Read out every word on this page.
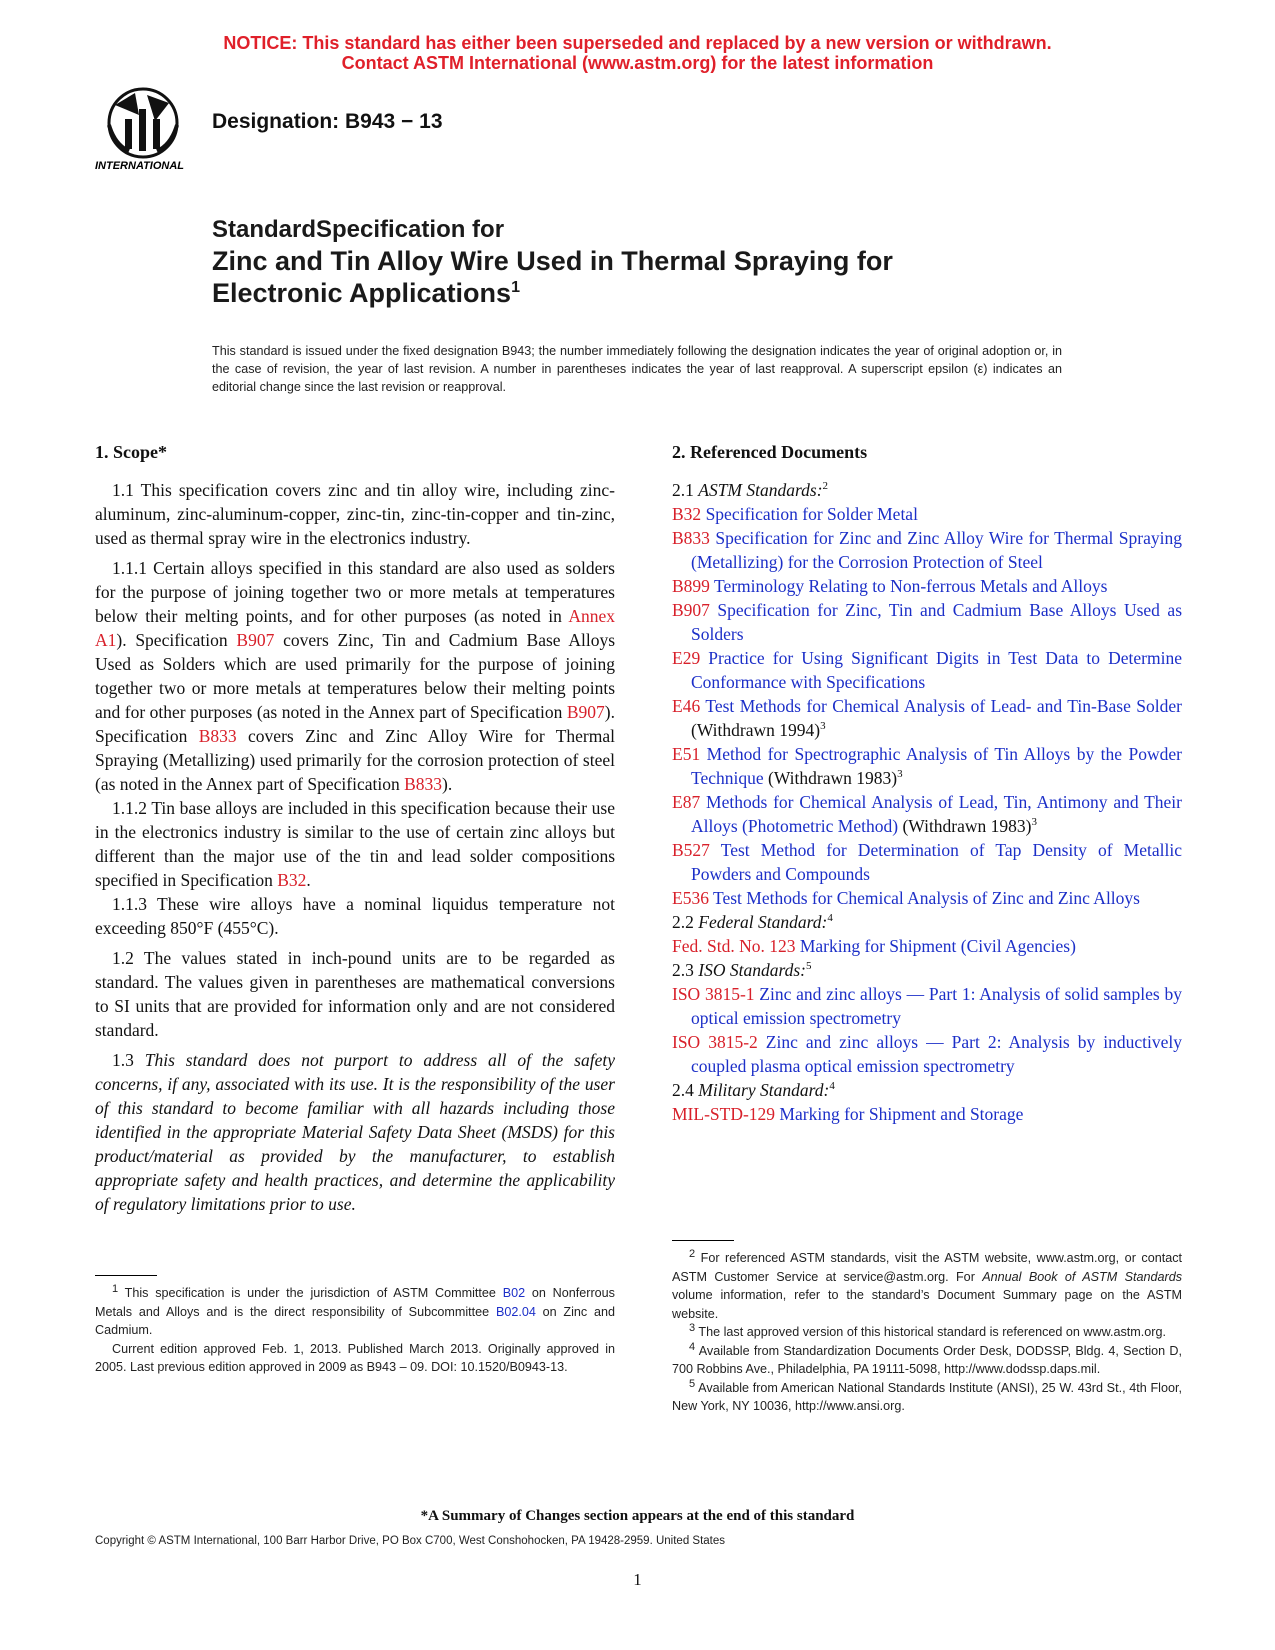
NOTICE: This standard has either been superseded and replaced by a new version or withdrawn.
Contact ASTM International (www.astm.org) for the latest information
INTERNATIONAL
Designation: B943 − 13
StandardSpecification for
Zinc and Tin Alloy Wire Used in Thermal Spraying for
Electronic Applications$^1$
This standard is issued under the fixed designation B943; the number immediately following the designation indicates the year of original adoption or, in the case of revision, the year of last revision. A number in parentheses indicates the year of last reapproval. A superscript epsilon (ε) indicates an editorial change since the last revision or reapproval.
1. Scope*

1.1 This specification covers zinc and tin alloy wire, including zinc-aluminum, zinc-aluminum-copper, zinc-tin, zinc-tin-copper and tin-zinc, used as thermal spray wire in the electronics industry.

1.1.1 Certain alloys specified in this standard are also used as solders for the purpose of joining together two or more metals at temperatures below their melting points, and for other purposes (as noted in Annex A1). Specification B907 covers Zinc, Tin and Cadmium Base Alloys Used as Solders which are used primarily for the purpose of joining together two or more metals at temperatures below their melting points and for other purposes (as noted in the Annex part of Specification B907). Specification B833 covers Zinc and Zinc Alloy Wire for Thermal Spraying (Metallizing) used primarily for the corrosion protection of steel (as noted in the Annex part of Specification B833).

1.1.2 Tin base alloys are included in this specification because their use in the electronics industry is similar to the use of certain zinc alloys but different than the major use of the tin and lead solder compositions specified in Specification B32.

1.1.3 These wire alloys have a nominal liquidus temperature not exceeding 850°F (455°C).

1.2 The values stated in inch-pound units are to be regarded as standard. The values given in parentheses are mathematical conversions to SI units that are provided for information only and are not considered standard.

1.3 This standard does not purport to address all of the safety concerns, if any, associated with its use. It is the responsibility of the user of this standard to become familiar with all hazards including those identified in the appropriate Material Safety Data Sheet (MSDS) for this product/material as provided by the manufacturer, to establish appropriate safety and health practices, and determine the applicability of regulatory limitations prior to use.

$^1$ This specification is under the jurisdiction of ASTM Committee B02 on Nonferrous Metals and Alloys and is the direct responsibility of Subcommittee B02.04 on Zinc and Cadmium.

Current edition approved Feb. 1, 2013. Published March 2013. Originally approved in 2005. Last previous edition approved in 2009 as B943 – 09. DOI: 10.1520/B0943-13.

2. Referenced Documents

2.1 ASTM Standards:$^2$

B32 Specification for Solder Metal

B833 Specification for Zinc and Zinc Alloy Wire for Thermal Spraying (Metallizing) for the Corrosion Protection of Steel

B899 Terminology Relating to Non-ferrous Metals and Alloys

B907 Specification for Zinc, Tin and Cadmium Base Alloys Used as Solders

E29 Practice for Using Significant Digits in Test Data to Determine Conformance with Specifications

E46 Test Methods for Chemical Analysis of Lead- and Tin-Base Solder (Withdrawn 1994)$^3$

E51 Method for Spectrographic Analysis of Tin Alloys by the Powder Technique (Withdrawn 1983)$^3$

E87 Methods for Chemical Analysis of Lead, Tin, Antimony and Their Alloys (Photometric Method) (Withdrawn 1983)$^3$

B527 Test Method for Determination of Tap Density of Metallic Powders and Compounds

E536 Test Methods for Chemical Analysis of Zinc and Zinc Alloys

2.2 Federal Standard:$^4$

Fed. Std. No. 123 Marking for Shipment (Civil Agencies)

2.3 ISO Standards:$^5$

ISO 3815-1 Zinc and zinc alloys — Part 1: Analysis of solid samples by optical emission spectrometry

ISO 3815-2 Zinc and zinc alloys — Part 2: Analysis by inductively coupled plasma optical emission spectrometry

2.4 Military Standard:$^4$

MIL-STD-129 Marking for Shipment and Storage

$^2$ For referenced ASTM standards, visit the ASTM website, www.astm.org, or contact ASTM Customer Service at service@astm.org. For Annual Book of ASTM Standards volume information, refer to the standard’s Document Summary page on the ASTM website.

$^3$ The last approved version of this historical standard is referenced on www.astm.org.

$^4$ Available from Standardization Documents Order Desk, DODSSP, Bldg. 4, Section D, 700 Robbins Ave., Philadelphia, PA 19111-5098, http://www.dodssp.daps.mil.

$^5$ Available from American National Standards Institute (ANSI), 25 W. 43rd St., 4th Floor, New York, NY 10036, http://www.ansi.org.

*A Summary of Changes section appears at the end of this standard
Copyright © ASTM International, 100 Barr Harbor Drive, PO Box C700, West Conshohocken, PA 19428-2959. United States
1
